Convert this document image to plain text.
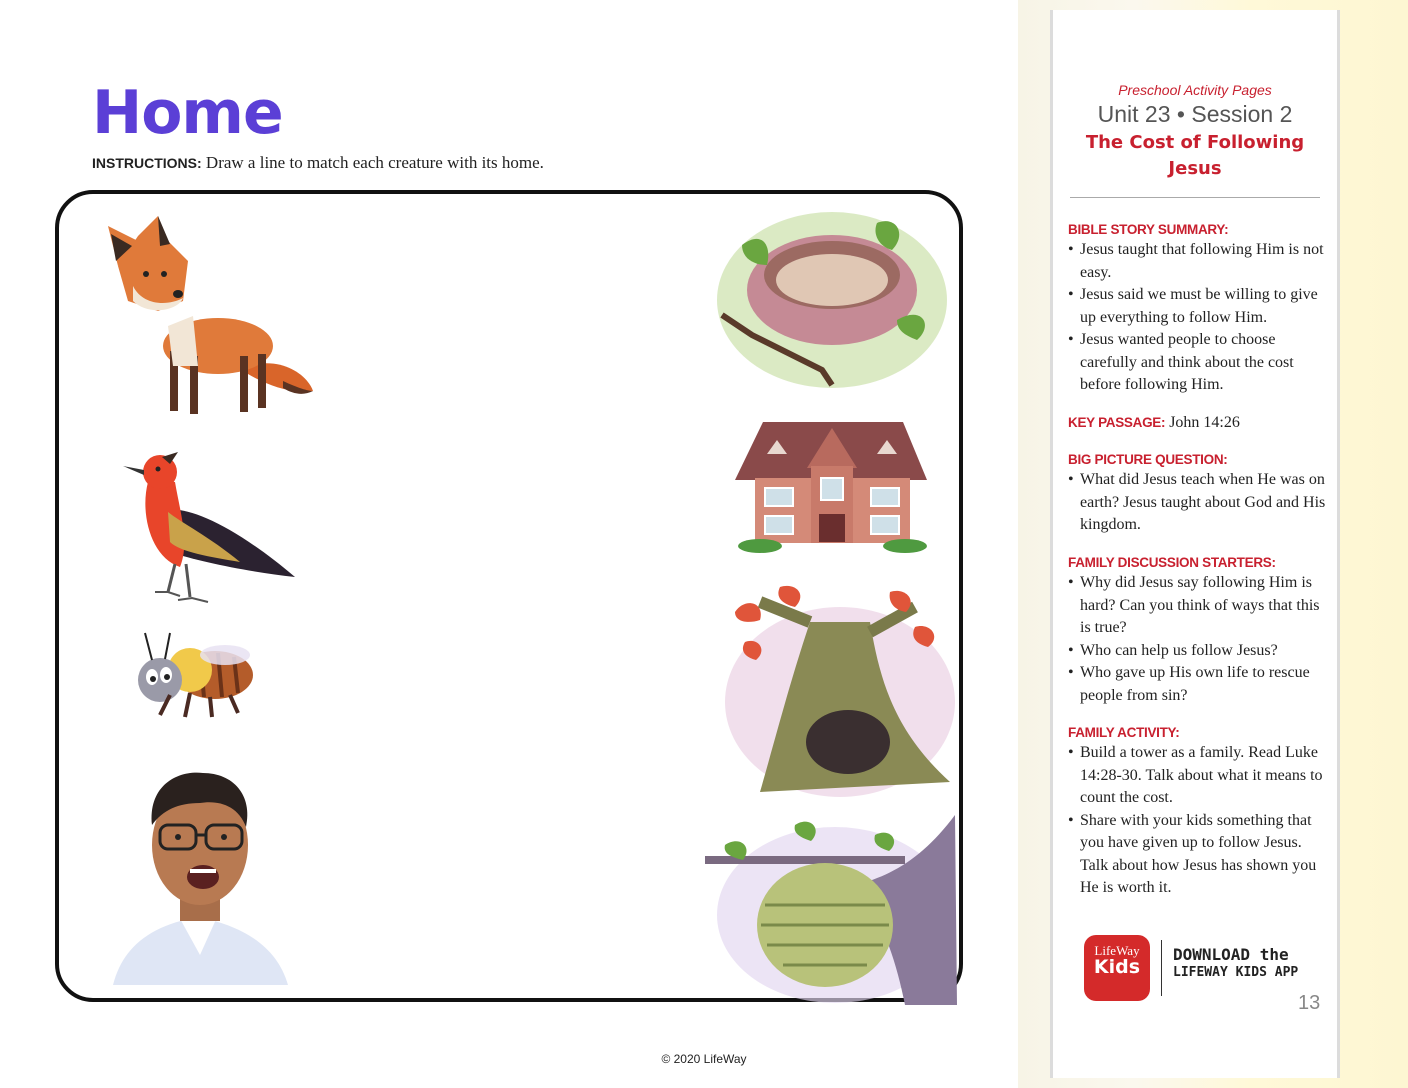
Home
INSTRUCTIONS: Draw a line to match each creature with its home.
© 2020 LifeWay
Preschool Activity Pages
Unit 23 • Session 2
The Cost of Following Jesus
BIBLE STORY SUMMARY:
• Jesus taught that following Him is not easy.
• Jesus said we must be willing to give up everything to follow Him.
• Jesus wanted people to choose carefully and think about the cost before following Him.
KEY PASSAGE: John 14:26
BIG PICTURE QUESTION:
• What did Jesus teach when He was on earth? Jesus taught about God and His kingdom.
FAMILY DISCUSSION STARTERS:
• Why did Jesus say following Him is hard? Can you think of ways that this is true?
• Who can help us follow Jesus?
• Who gave up His own life to rescue people from sin?
FAMILY ACTIVITY:
• Build a tower as a family. Read Luke 14:28-30. Talk about what it means to count the cost.
• Share with your kids something that you have given up to follow Jesus. Talk about how Jesus has shown you He is worth it.
LifeWay
Kids
DOWNLOAD the
LIFEWAY KIDS APP
13
